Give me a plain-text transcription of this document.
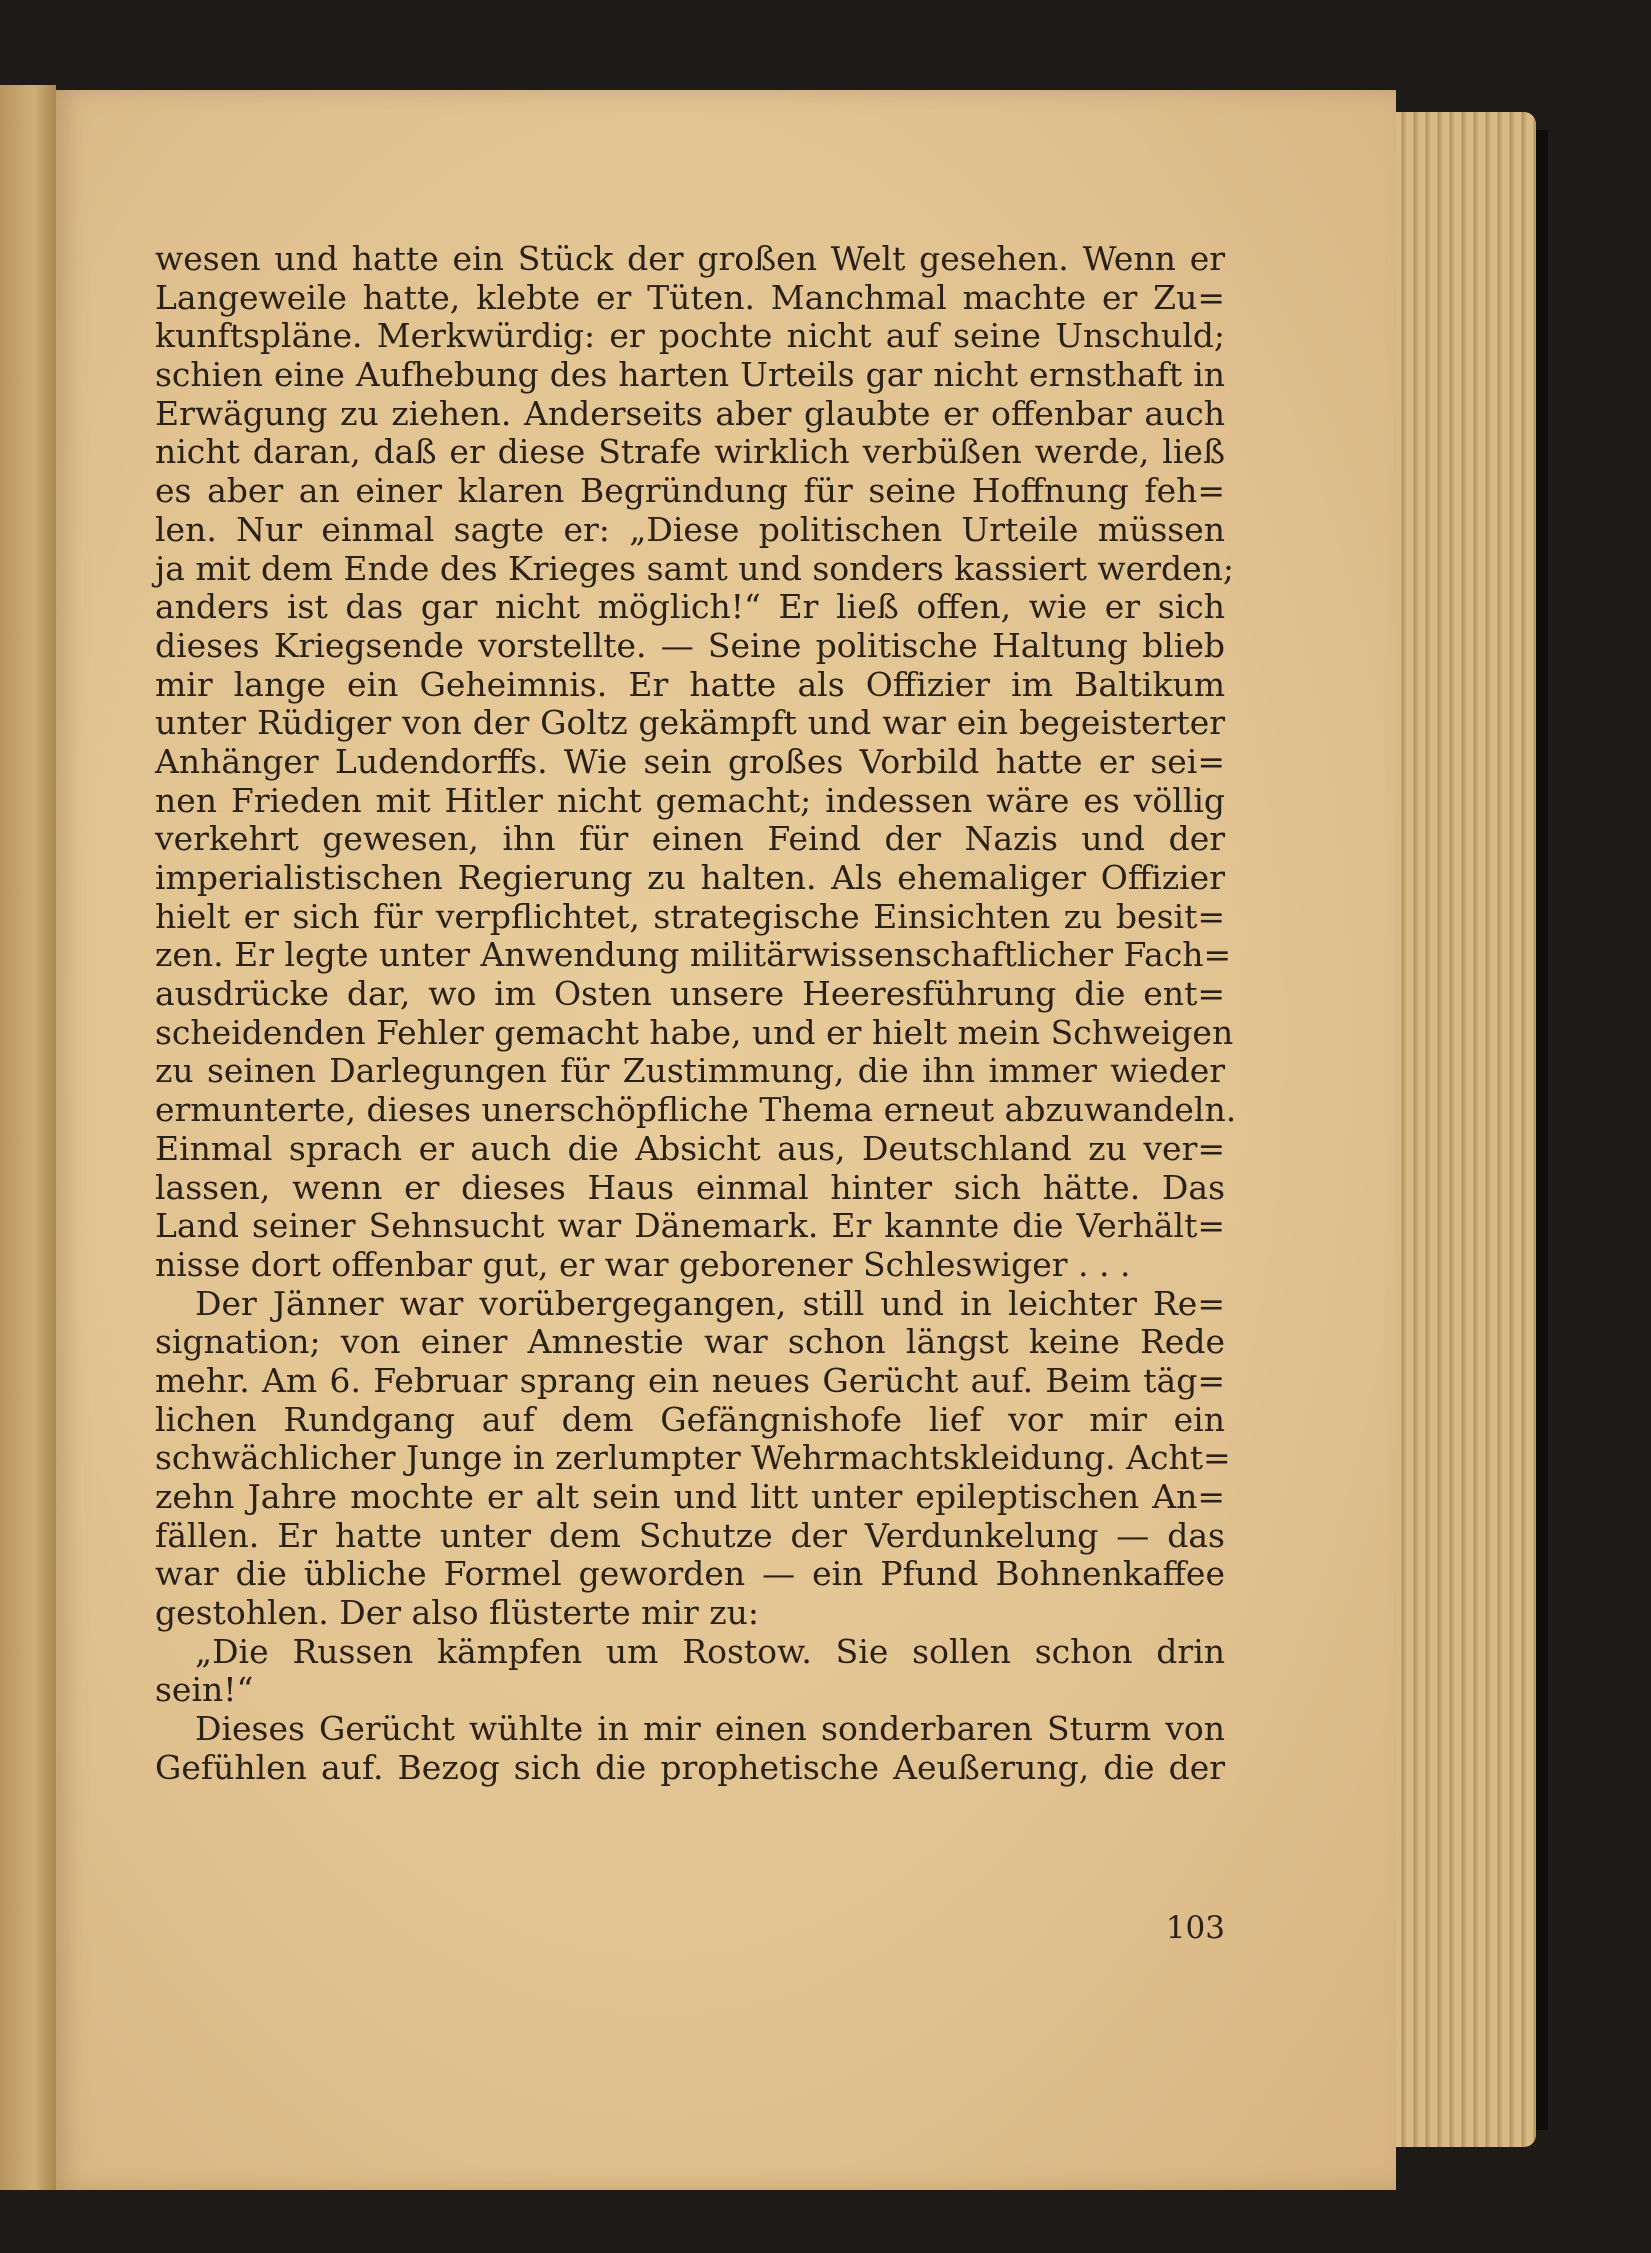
wesen und hatte ein Stück der großen Welt gesehen. Wenn er
Langeweile hatte, klebte er Tüten. Manchmal machte er Zu=
kunftspläne. Merkwürdig: er pochte nicht auf seine Unschuld;
schien eine Aufhebung des harten Urteils gar nicht ernsthaft in
Erwägung zu ziehen. Anderseits aber glaubte er offenbar auch
nicht daran, daß er diese Strafe wirklich verbüßen werde, ließ
es aber an einer klaren Begründung für seine Hoffnung feh=
len. Nur einmal sagte er: „Diese politischen Urteile müssen
ja mit dem Ende des Krieges samt und sonders kassiert werden;
anders ist das gar nicht möglich!“ Er ließ offen, wie er sich
dieses Kriegsende vorstellte. — Seine politische Haltung blieb
mir lange ein Geheimnis. Er hatte als Offizier im Baltikum
unter Rüdiger von der Goltz gekämpft und war ein begeisterter
Anhänger Ludendorffs. Wie sein großes Vorbild hatte er sei=
nen Frieden mit Hitler nicht gemacht; indessen wäre es völlig
verkehrt gewesen, ihn für einen Feind der Nazis und der
imperialistischen Regierung zu halten. Als ehemaliger Offizier
hielt er sich für verpflichtet, strategische Einsichten zu besit=
zen. Er legte unter Anwendung militärwissenschaftlicher Fach=
ausdrücke dar, wo im Osten unsere Heeresführung die ent=
scheidenden Fehler gemacht habe, und er hielt mein Schweigen
zu seinen Darlegungen für Zustimmung, die ihn immer wieder
ermunterte, dieses unerschöpfliche Thema erneut abzuwandeln.
Einmal sprach er auch die Absicht aus, Deutschland zu ver=
lassen, wenn er dieses Haus einmal hinter sich hätte. Das
Land seiner Sehnsucht war Dänemark. Er kannte die Verhält=
nisse dort offenbar gut, er war geborener Schleswiger . . .
Der Jänner war vorübergegangen, still und in leichter Re=
signation; von einer Amnestie war schon längst keine Rede
mehr. Am 6. Februar sprang ein neues Gerücht auf. Beim täg=
lichen Rundgang auf dem Gefängnishofe lief vor mir ein
schwächlicher Junge in zerlumpter Wehrmachtskleidung. Acht=
zehn Jahre mochte er alt sein und litt unter epileptischen An=
fällen. Er hatte unter dem Schutze der Verdunkelung — das
war die übliche Formel geworden — ein Pfund Bohnenkaffee
gestohlen. Der also flüsterte mir zu:
„Die Russen kämpfen um Rostow. Sie sollen schon drin
sein!“
Dieses Gerücht wühlte in mir einen sonderbaren Sturm von
Gefühlen auf. Bezog sich die prophetische Aeußerung, die der
103
